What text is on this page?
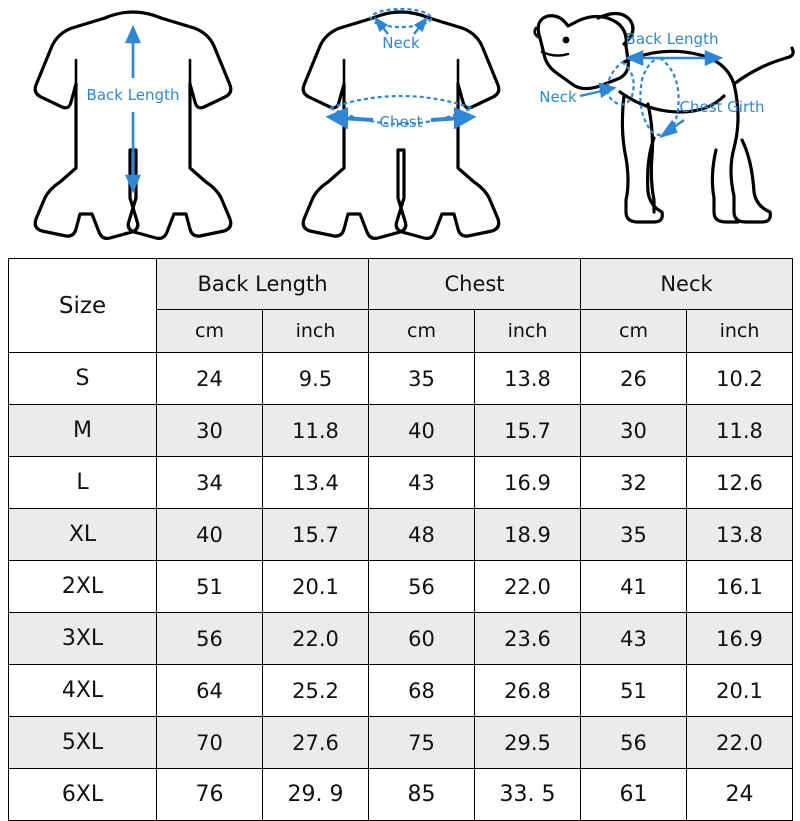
Back Length
Neck
Chest
Back Length
Neck
Chest Girth
Size	Back Length		Chest		Neck	
	cm	inch	cm	inch	cm	inch
S	24	9.5	35	13.8	26	10.2
M	30	11.8	40	15.7	30	11.8
L	34	13.4	43	16.9	32	12.6
XL	40	15.7	48	18.9	35	13.8
2XL	51	20.1	56	22.0	41	16.1
3XL	56	22.0	60	23.6	43	16.9
4XL	64	25.2	68	26.8	51	20.1
5XL	70	27.6	75	29.5	56	22.0
6XL	76	29. 9	85	33. 5	61	24
